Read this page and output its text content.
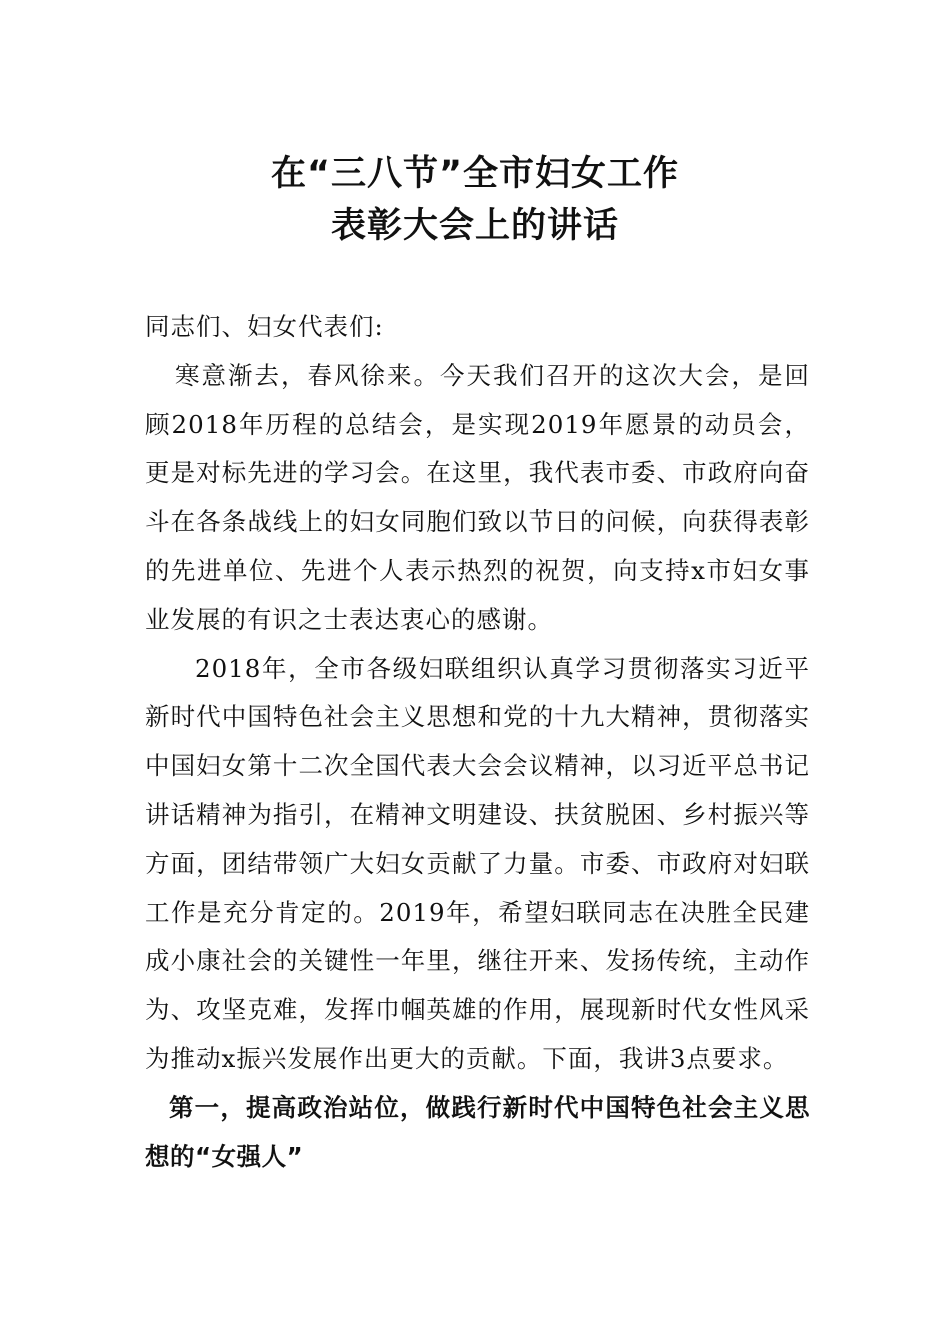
在“三八节”全市妇女工作
表彰大会上的讲话

同志们、妇女代表们:

寒意渐去，春风徐来。今天我们召开的这次大会，是回顾2018年历程的总结会，是实现2019年愿景的动员会，更是对标先进的学习会。在这里，我代表市委、市政府向奋斗在各条战线上的妇女同胞们致以节日的问候，向获得表彰的先进单位、先进个人表示热烈的祝贺，向支持x市妇女事业发展的有识之士表达衷心的感谢。

2018年，全市各级妇联组织认真学习贯彻落实习近平新时代中国特色社会主义思想和党的十九大精神，贯彻落实中国妇女第十二次全国代表大会会议精神，以习近平总书记讲话精神为指引，在精神文明建设、扶贫脱困、乡村振兴等方面，团结带领广大妇女贡献了力量。市委、市政府对妇联工作是充分肯定的。2019年，希望妇联同志在决胜全民建成小康社会的关键性一年里，继往开来、发扬传统，主动作为、攻坚克难，发挥巾帼英雄的作用，展现新时代女性风采为推动x振兴发展作出更大的贡献。下面，我讲3点要求。

第一，提高政治站位，做践行新时代中国特色社会主义思想的“女强人”
